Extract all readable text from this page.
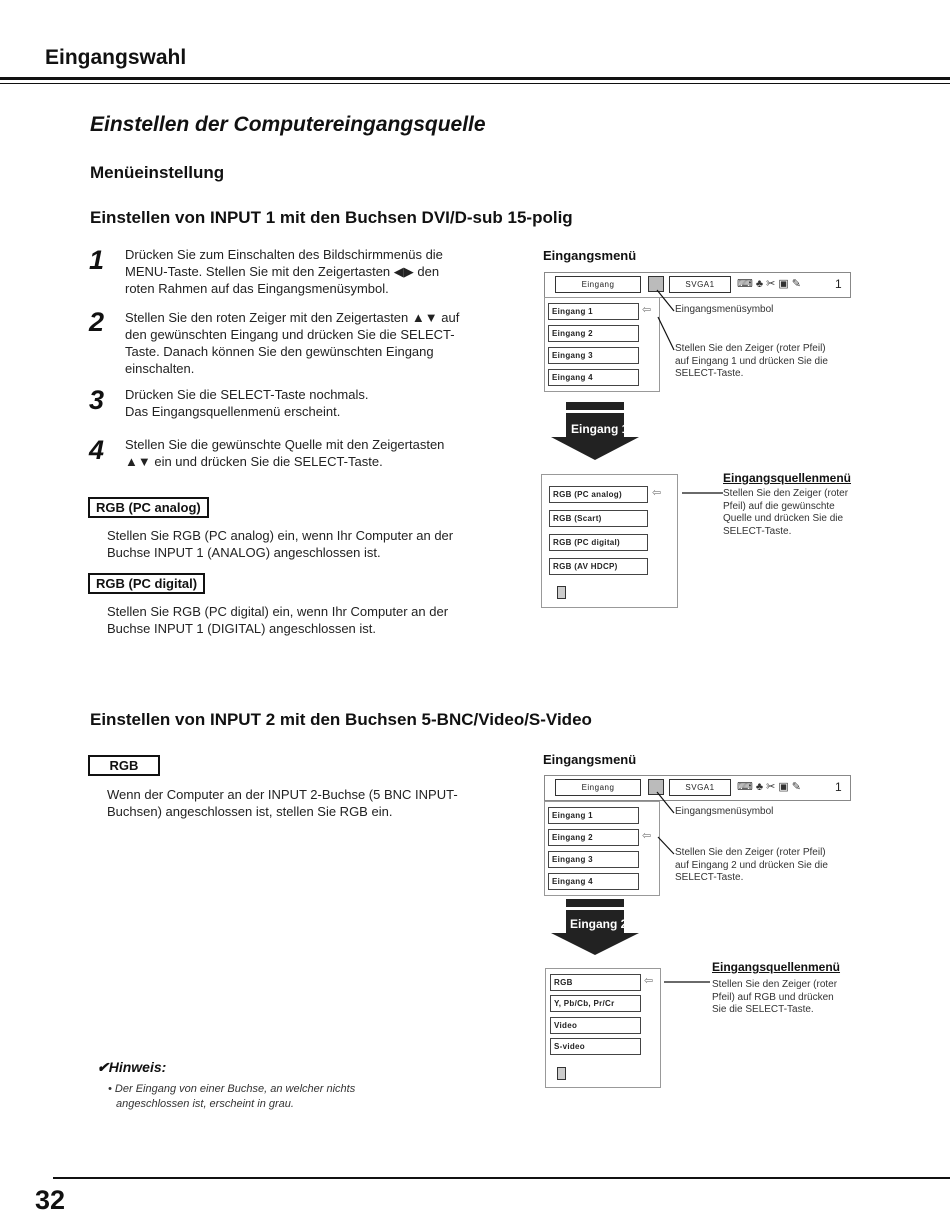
Eingangswahl
Einstellen der Computereingangsquelle
Menüeinstellung
Einstellen von INPUT 1 mit den Buchsen DVI/D-sub 15-polig
1 Drücken Sie zum Einschalten des Bildschirmmenüs die
MENU-Taste. Stellen Sie mit den Zeigertasten ◀▶ den
roten Rahmen auf das Eingangsmenüsymbol.
2 Stellen Sie den roten Zeiger mit den Zeigertasten ▲▼ auf
den gewünschten Eingang und drücken Sie die SELECT-
Taste. Danach können Sie den gewünschten Eingang
einschalten.
3 Drücken Sie die SELECT-Taste nochmals.
Das Eingangsquellenmenü erscheint.
4 Stellen Sie die gewünschte Quelle mit den Zeigertasten
▲▼ ein und drücken Sie die SELECT-Taste.
RGB (PC analog)
Stellen Sie RGB (PC analog) ein, wenn Ihr Computer an der
Buchse INPUT 1 (ANALOG) angeschlossen ist.
RGB (PC digital)
Stellen Sie RGB (PC digital) ein, wenn Ihr Computer an der
Buchse INPUT 1 (DIGITAL) angeschlossen ist.
Eingangsmenü
Eingang	SVGA1	⌨♣✂▣✎	1
Eingang 1
Eingang 2
Eingang 3
Eingang 4
⇦ Eingangsmenüsymbol
Stellen Sie den Zeiger (roter Pfeil)
auf Eingang 1 und drücken Sie die
SELECT-Taste.
Eingang 1
RGB (PC analog)
RGB (Scart)
RGB (PC digital)
RGB (AV HDCP)
⇦
Eingangsquellenmenü
Stellen Sie den Zeiger (roter
Pfeil) auf die gewünschte
Quelle und drücken Sie die
SELECT-Taste.
Einstellen von INPUT 2 mit den Buchsen 5-BNC/Video/S-Video
RGB
Wenn der Computer an der INPUT 2-Buchse (5 BNC INPUT-
Buchsen) angeschlossen ist, stellen Sie RGB ein.
Eingangsmenü
Eingang	SVGA1	⌨♣✂▣✎	1
Eingang 1
Eingang 2
Eingang 3
Eingang 4
⇦
Eingangsmenüsymbol
Stellen Sie den Zeiger (roter Pfeil)
auf Eingang 2 und drücken Sie die
SELECT-Taste.
Eingang 2
RGB
Y, Pb/Cb, Pr/Cr
Video
S-video
⇦
Eingangsquellenmenü
Stellen Sie den Zeiger (roter
Pfeil) auf RGB und drücken
Sie die SELECT-Taste.
✔Hinweis:
• Der Eingang von einer Buchse, an welcher nichts
angeschlossen ist, erscheint in grau.
32
